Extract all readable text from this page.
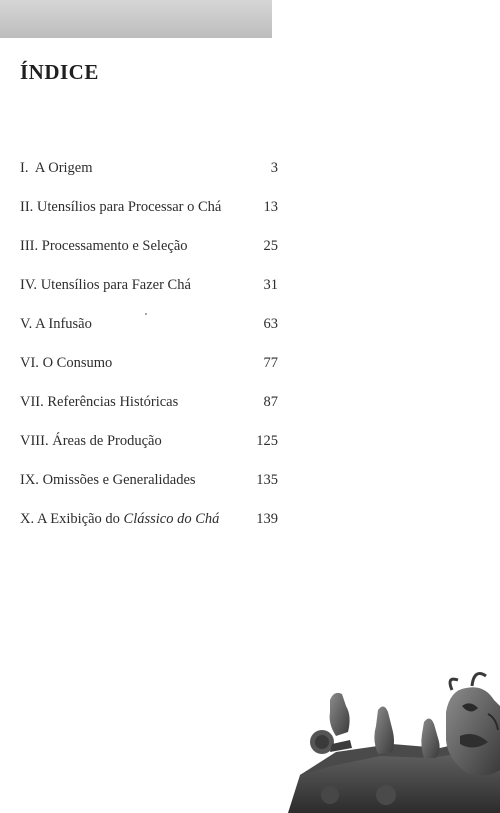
ÍNDICE
I. A Origem	3
II. Utensílios para Processar o Chá	13
III. Processamento e Seleção	25
IV. Utensílios para Fazer Chá	31
V. A Infusão	63
VI. O Consumo	77
VII. Referências Históricas	87
VIII. Áreas de Produção	125
IX. Omissões e Generalidades	135
X. A Exibição do Clássico do Chá	139
